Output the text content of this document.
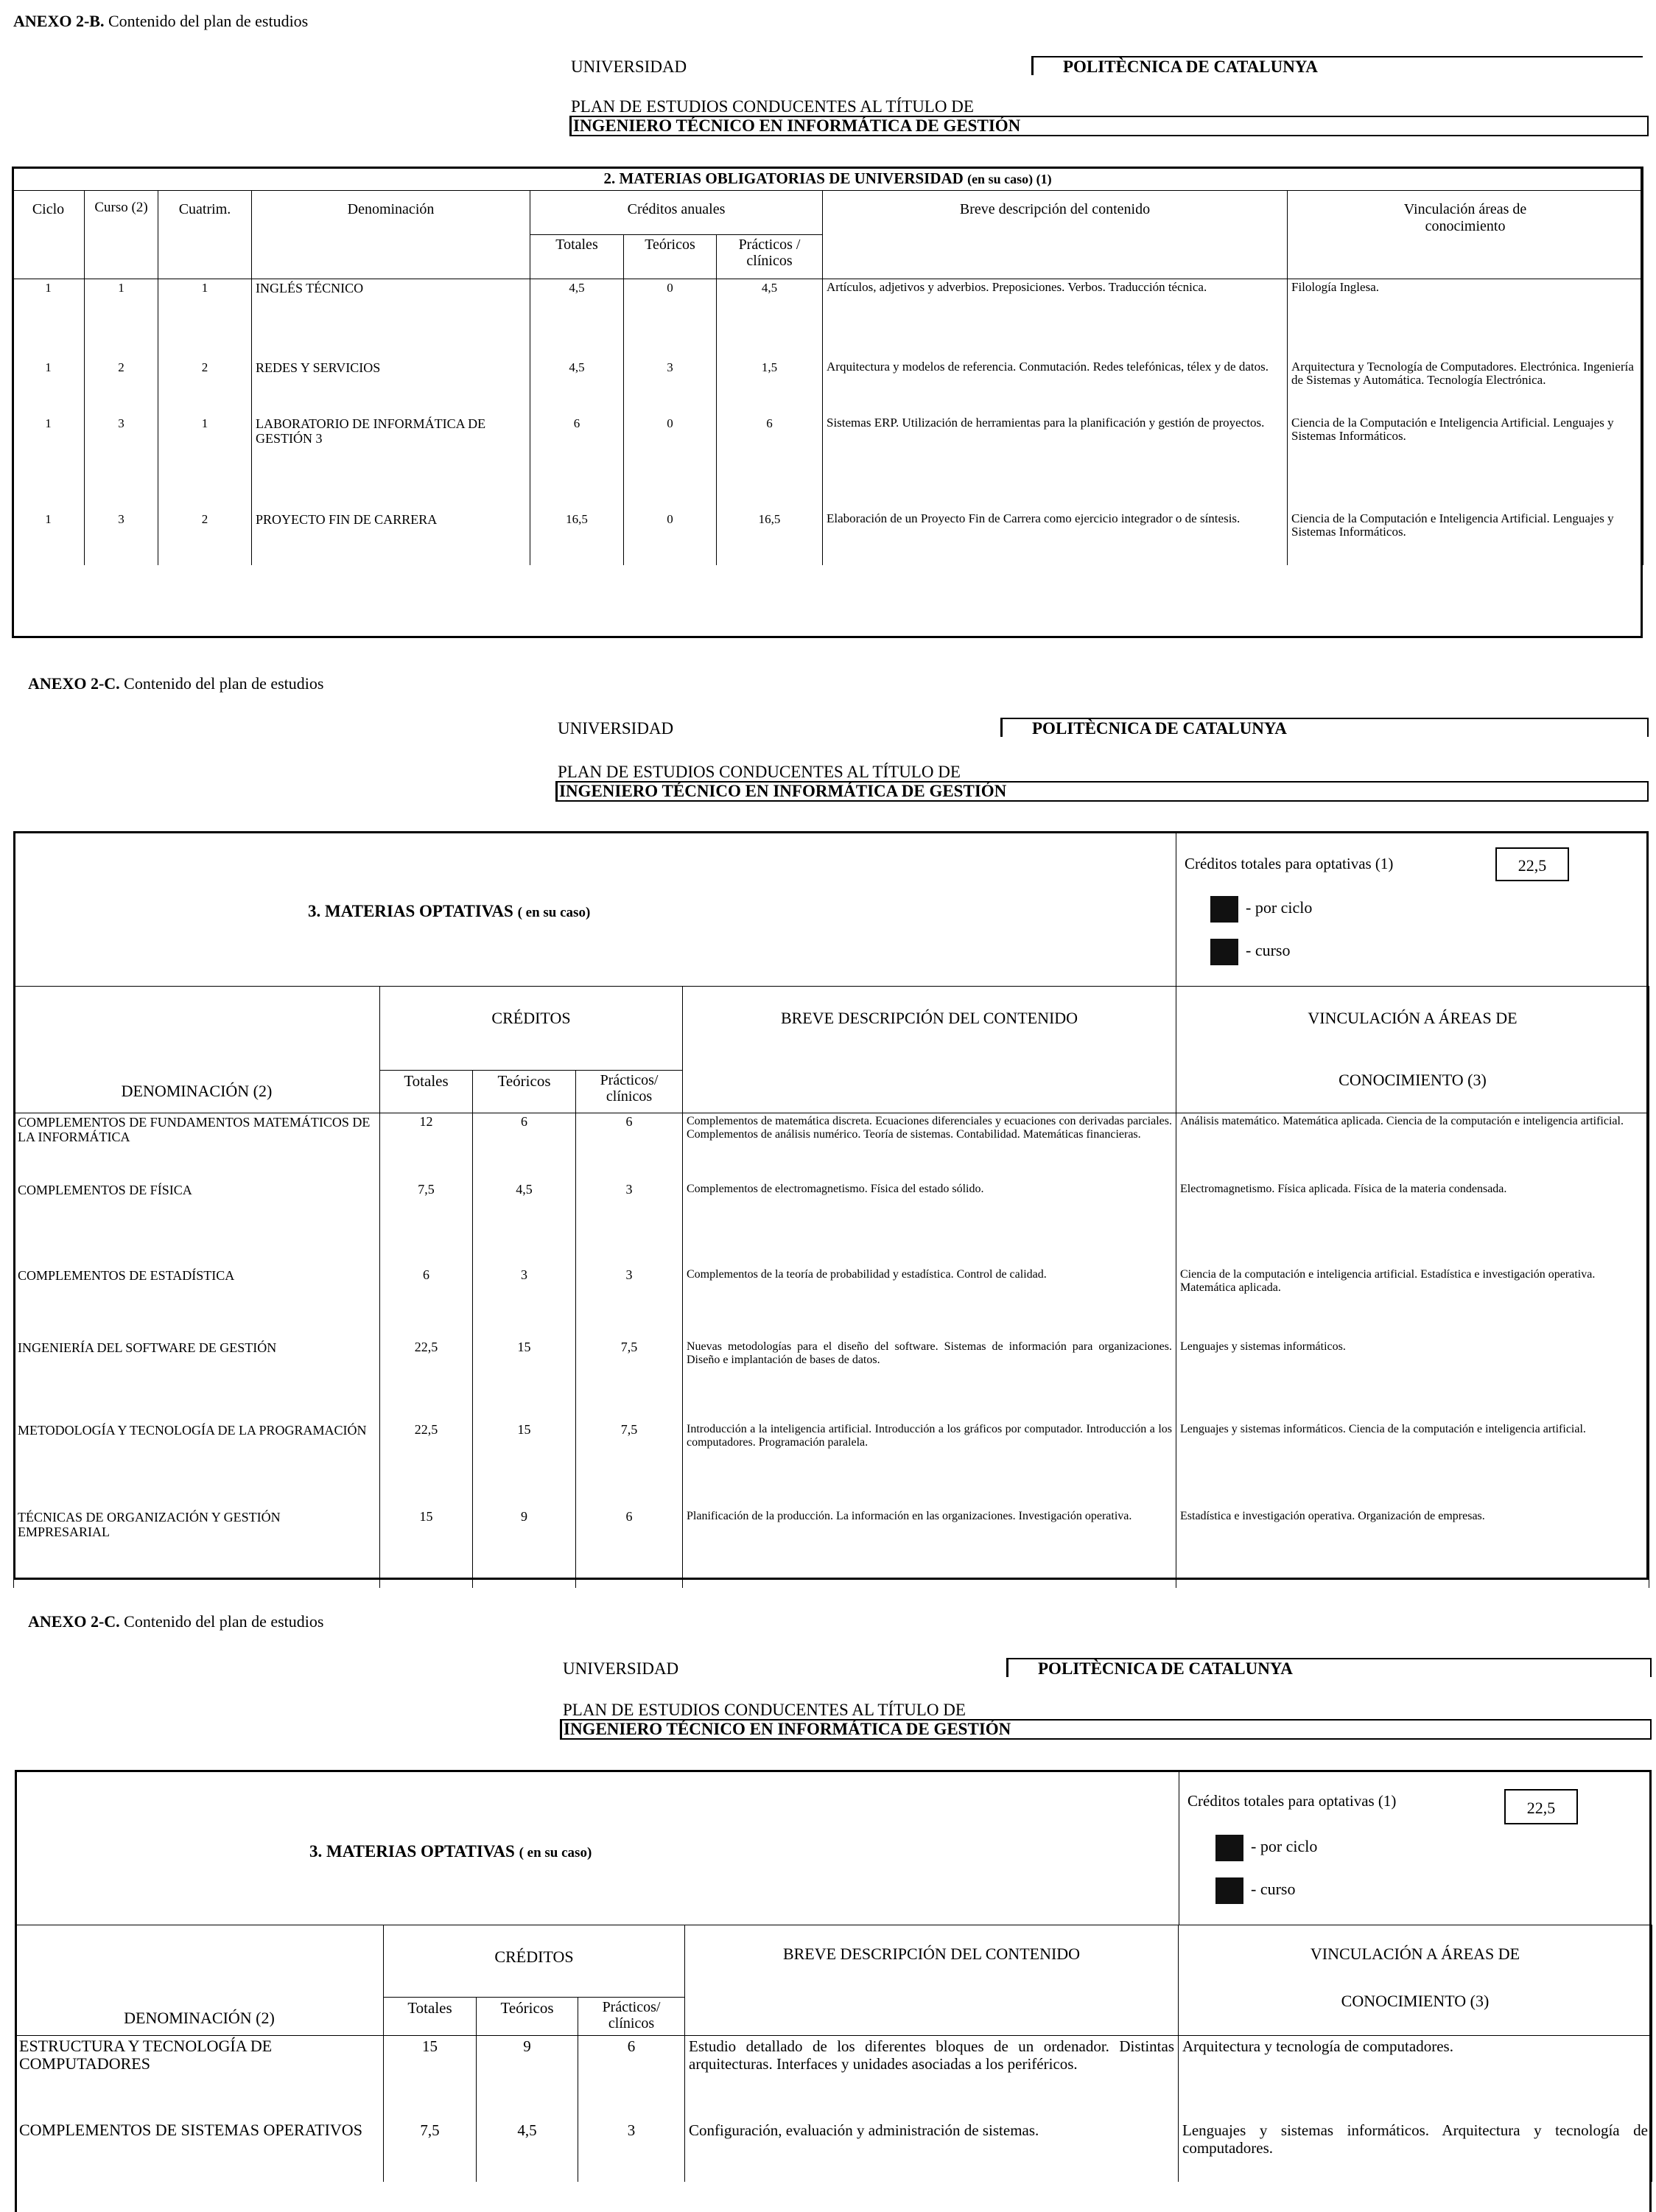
ANEXO 2-B. Contenido del plan de estudios
UNIVERSIDAD	POLITÈCNICA DE CATALUNYA
PLAN DE ESTUDIOS CONDUCENTES AL TÍTULO DE
INGENIERO TÉCNICO EN INFORMÁTICA DE GESTIÓN
2. MATERIAS OBLIGATORIAS DE UNIVERSIDAD (en su caso) (1)								
Ciclo	Curso (2)	Cuatrim.	Denominación	Créditos anuales			Breve descripción del contenido	Vinculación áreas de conocimiento
				Totales	Teóricos	Prácticos / clínicos		
1	1	1	INGLÉS TÉCNICO	4,5	0	4,5	Artículos, adjetivos y adverbios. Preposiciones. Verbos. Traducción técnica.	Filología Inglesa.
1	2	2	REDES Y SERVICIOS	4,5	3	1,5	Arquitectura y modelos de referencia. Conmutación. Redes telefónicas, télex y de datos.	Arquitectura y Tecnología de Computadores. Electrónica. Ingeniería de Sistemas y Automática. Tecnología Electrónica.
1	3	1	LABORATORIO DE INFORMÁTICA DE GESTIÓN 3	6	0	6	Sistemas ERP. Utilización de herramientas para la planificación y gestión de proyectos.	Ciencia de la Computación e Inteligencia Artificial. Lenguajes y Sistemas Informáticos.
1	3	2	PROYECTO FIN DE CARRERA	16,5	0	16,5	Elaboración de un Proyecto Fin de Carrera como ejercicio integrador o de síntesis.	Ciencia de la Computación e Inteligencia Artificial. Lenguajes y Sistemas Informáticos.
ANEXO 2-C. Contenido del plan de estudios
UNIVERSIDAD	POLITÈCNICA DE CATALUNYA
PLAN DE ESTUDIOS CONDUCENTES AL TÍTULO DE
INGENIERO TÉCNICO EN INFORMÁTICA DE GESTIÓN
3. MATERIAS OPTATIVAS ( en su caso)
Créditos totales para optativas (1)	22,5
- por ciclo
- curso
DENOMINACIÓN (2)	CRÉDITOS			BREVE DESCRIPCIÓN DEL CONTENIDO	VINCULACIÓN A ÁREAS DE
CONOCIMIENTO (3)

	Totales	Teóricos	Prácticos/ clínicos		
COMPLEMENTOS DE FUNDAMENTOS MATEMÁTICOS DE LA INFORMÁTICA	12	6	6	Complementos de matemática discreta. Ecuaciones diferenciales y ecuaciones con derivadas parciales. Complementos de análisis numérico. Teoría de sistemas. Contabilidad. Matemáticas financieras.	Análisis matemático. Matemática aplicada. Ciencia de la computación e inteligencia artificial.
COMPLEMENTOS DE FÍSICA	7,5	4,5	3	Complementos de electromagnetismo. Física del estado sólido.	Electromagnetismo. Física aplicada. Física de la materia condensada.
COMPLEMENTOS DE ESTADÍSTICA	6	3	3	Complementos de la teoría de probabilidad y estadística. Control de calidad.	Ciencia de la computación e inteligencia artificial. Estadística e investigación operativa. Matemática aplicada.
INGENIERÍA DEL SOFTWARE DE GESTIÓN	22,5	15	7,5	Nuevas metodologías para el diseño del software. Sistemas de información para organizaciones. Diseño e implantación de bases de datos.	Lenguajes y sistemas informáticos.
METODOLOGÍA Y TECNOLOGÍA DE LA PROGRAMACIÓN	22,5	15	7,5	Introducción a la inteligencia artificial. Introducción a los gráficos por computador. Introducción a los computadores. Programación paralela.	Lenguajes y sistemas informáticos. Ciencia de la computación e inteligencia artificial.
TÉCNICAS DE ORGANIZACIÓN Y GESTIÓN EMPRESARIAL	15	9	6	Planificación de la producción. La información en las organizaciones. Investigación operativa.	Estadística e investigación operativa. Organización de empresas.
ANEXO 2-C. Contenido del plan de estudios
UNIVERSIDAD	POLITÈCNICA DE CATALUNYA
PLAN DE ESTUDIOS CONDUCENTES AL TÍTULO DE
INGENIERO TÉCNICO EN INFORMÁTICA DE GESTIÓN
3. MATERIAS OPTATIVAS ( en su caso)
Créditos totales para optativas (1)	22,5
- por ciclo
- curso
DENOMINACIÓN (2)	CRÉDITOS			BREVE DESCRIPCIÓN DEL CONTENIDO	VINCULACIÓN A ÁREAS DE
CONOCIMIENTO (3)

	Totales	Teóricos	Prácticos/ clínicos		
ESTRUCTURA Y TECNOLOGÍA DE COMPUTADORES	15	9	6	Estudio detallado de los diferentes bloques de un ordenador. Distintas arquitecturas. Interfaces y unidades asociadas a los periféricos.	Arquitectura y tecnología de computadores.
COMPLEMENTOS DE SISTEMAS OPERATIVOS	7,5	4,5	3	Configuración, evaluación y administración de sistemas.	Lenguajes y sistemas informáticos. Arquitectura y tecnología de computadores.
